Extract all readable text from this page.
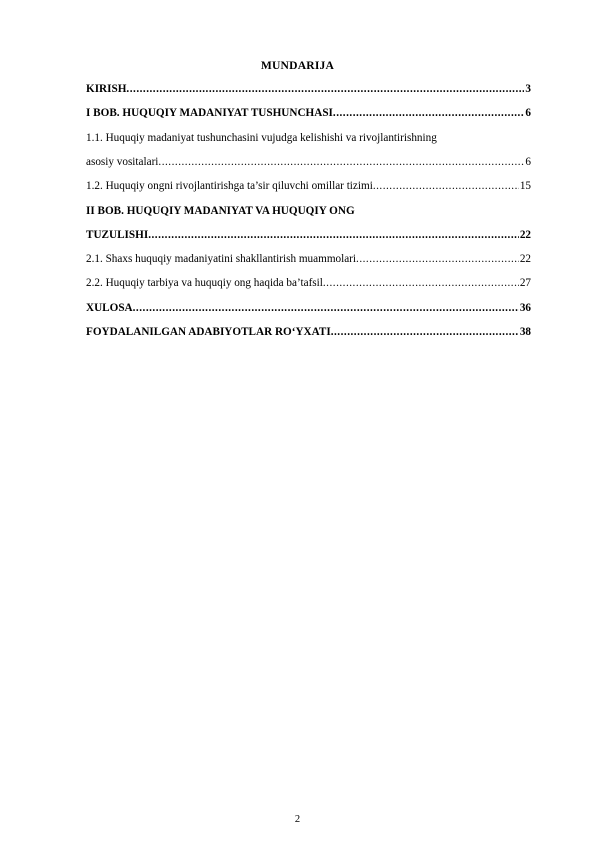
MUNDARIJA
KIRISH .....	3
I BOB. HUQUQIY MADANIYAT TUSHUNCHASI .....	6
1.1. Huquqiy madaniyat tushunchasini vujudga kelishishi va rivojlantirishning
asosiy vositalari .....	6
1.2. Huquqiy ongni rivojlantirishga ta’sir qiluvchi omillar tizimi .....	15
II BOB. HUQUQIY MADANIYAT VA HUQUQIY ONG
TUZULISHI .....	22
2.1. Shaxs huquqiy madaniyatini shakllantirish muammolari .....	22
2.2. Huquqiy tarbiya va huquqiy ong haqida ba’tafsil .....	27
XULOSA .....	36
FOYDALANILGAN ADABIYOTLAR RO‘YXATI .....	38
2
